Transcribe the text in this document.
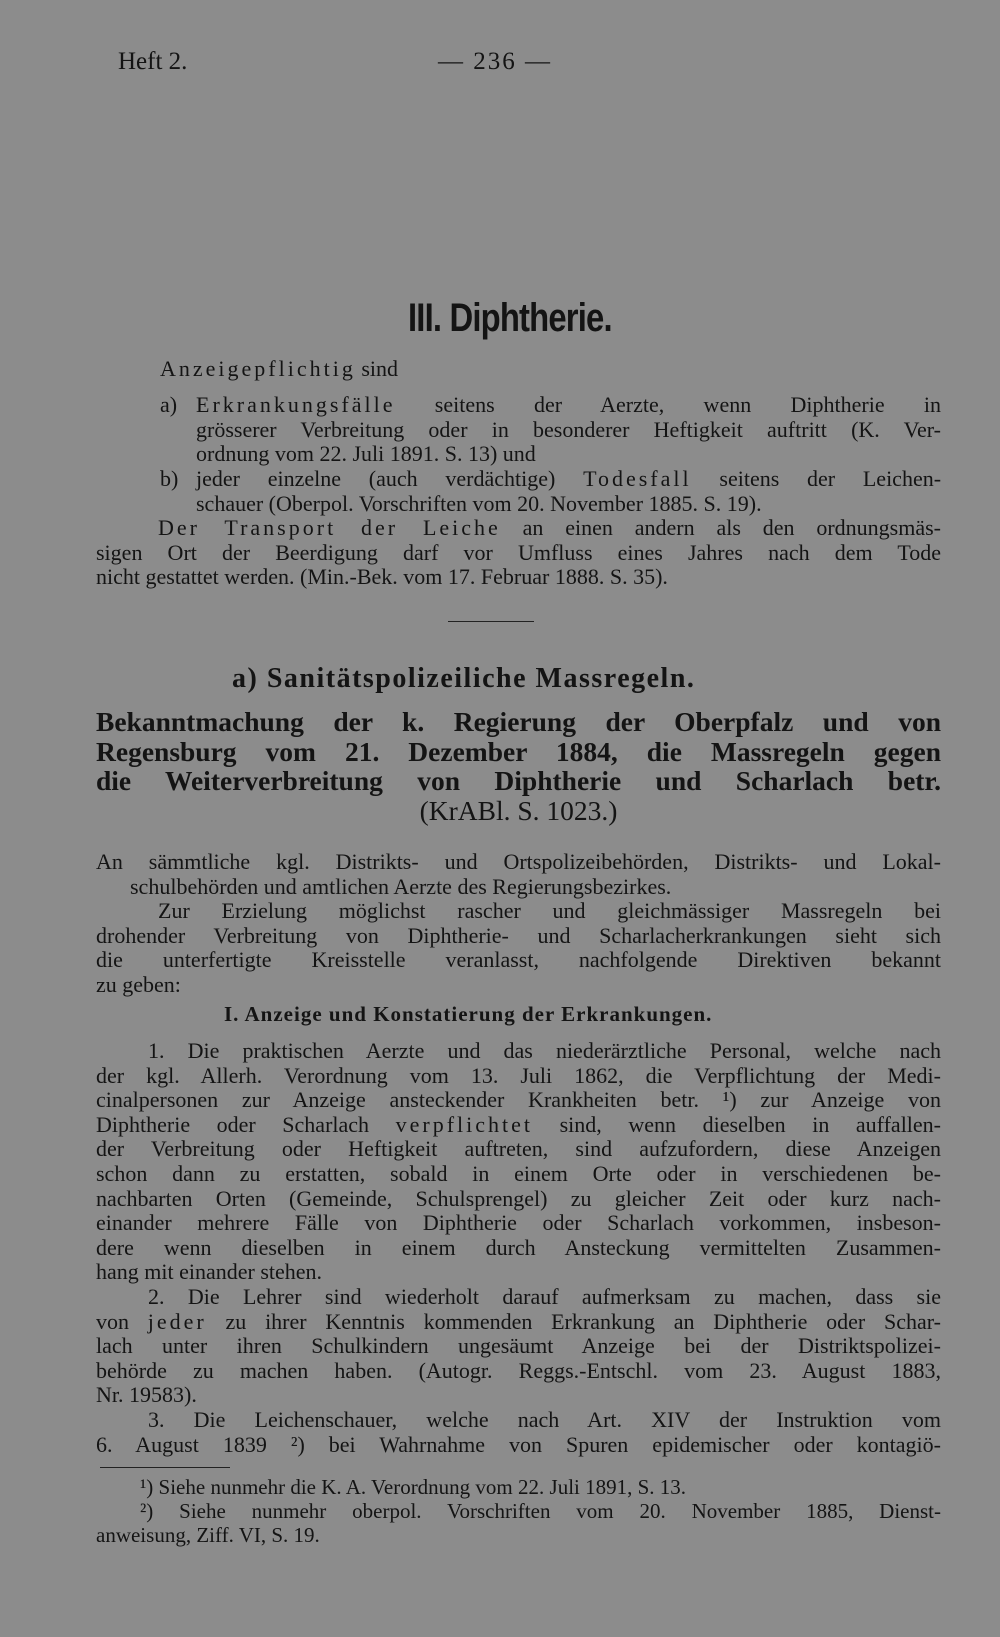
Heft 2.	— 236 —
III. Diphtherie.
Anzeigepflichtig sind
a) Erkrankungsfälle seitens der Aerzte, wenn Diphtherie in
grösserer Verbreitung oder in besonderer Heftigkeit auftritt (K. Ver-
ordnung vom 22. Juli 1891. S. 13) und
b) jeder einzelne (auch verdächtige) Todesfall seitens der Leichen-
schauer (Oberpol. Vorschriften vom 20. November 1885. S. 19).
Der Transport der Leiche an einen andern als den ordnungsmäs-
sigen Ort der Beerdigung darf vor Umfluss eines Jahres nach dem Tode
nicht gestattet werden. (Min.-Bek. vom 17. Februar 1888. S. 35).
a) Sanitätspolizeiliche Massregeln.
Bekanntmachung der k. Regierung der Oberpfalz und von
Regensburg vom 21. Dezember 1884, die Massregeln gegen
die Weiterverbreitung von Diphtherie und Scharlach betr.
(KrABl. S. 1023.)
An sämmtliche kgl. Distrikts- und Ortspolizeibehörden, Distrikts- und Lokal-
schulbehörden und amtlichen Aerzte des Regierungsbezirkes.
Zur Erzielung möglichst rascher und gleichmässiger Massregeln bei
drohender Verbreitung von Diphtherie- und Scharlacherkrankungen sieht sich
die unterfertigte Kreisstelle veranlasst, nachfolgende Direktiven bekannt
zu geben:
I. Anzeige und Konstatierung der Erkrankungen.
1. Die praktischen Aerzte und das niederärztliche Personal, welche nach
der kgl. Allerh. Verordnung vom 13. Juli 1862, die Verpflichtung der Medi-
cinalpersonen zur Anzeige ansteckender Krankheiten betr. ¹) zur Anzeige von
Diphtherie oder Scharlach verpflichtet sind, wenn dieselben in auffallen-
der Verbreitung oder Heftigkeit auftreten, sind aufzufordern, diese Anzeigen
schon dann zu erstatten, sobald in einem Orte oder in verschiedenen be-
nachbarten Orten (Gemeinde, Schulsprengel) zu gleicher Zeit oder kurz nach-
einander mehrere Fälle von Diphtherie oder Scharlach vorkommen, insbeson-
dere wenn dieselben in einem durch Ansteckung vermittelten Zusammen-
hang mit einander stehen.
2. Die Lehrer sind wiederholt darauf aufmerksam zu machen, dass sie
von jeder zu ihrer Kenntnis kommenden Erkrankung an Diphtherie oder Schar-
lach unter ihren Schulkindern ungesäumt Anzeige bei der Distriktspolizei-
behörde zu machen haben. (Autogr. Reggs.-Entschl. vom 23. August 1883,
Nr. 19583).
3. Die Leichenschauer, welche nach Art. XIV der Instruktion vom
6. August 1839 ²) bei Wahrnahme von Spuren epidemischer oder kontagiö-
¹) Siehe nunmehr die K. A. Verordnung vom 22. Juli 1891, S. 13.
²) Siehe nunmehr oberpol. Vorschriften vom 20. November 1885, Dienst-
anweisung, Ziff. VI, S. 19.
